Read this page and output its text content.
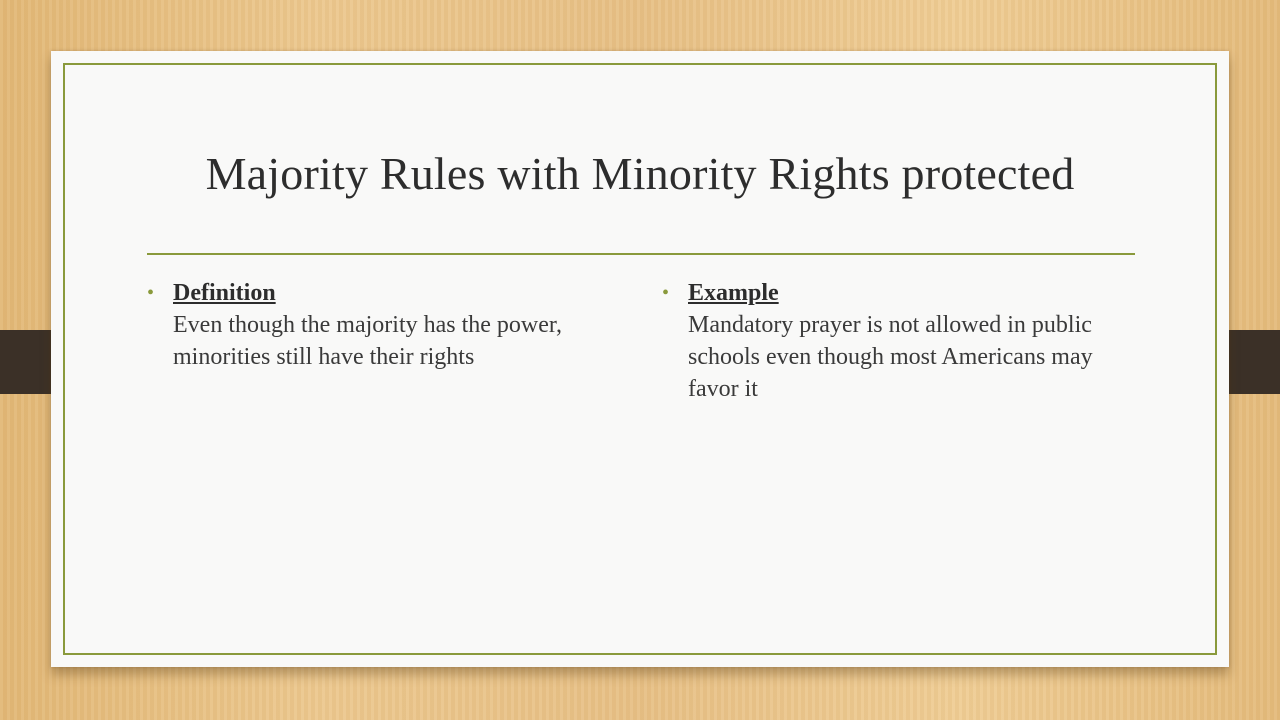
Majority Rules with Minority Rights protected
• Definition
Even though the majority has the power, minorities still have their rights
• Example
Mandatory prayer is not allowed in public schools even though most Americans may favor it
